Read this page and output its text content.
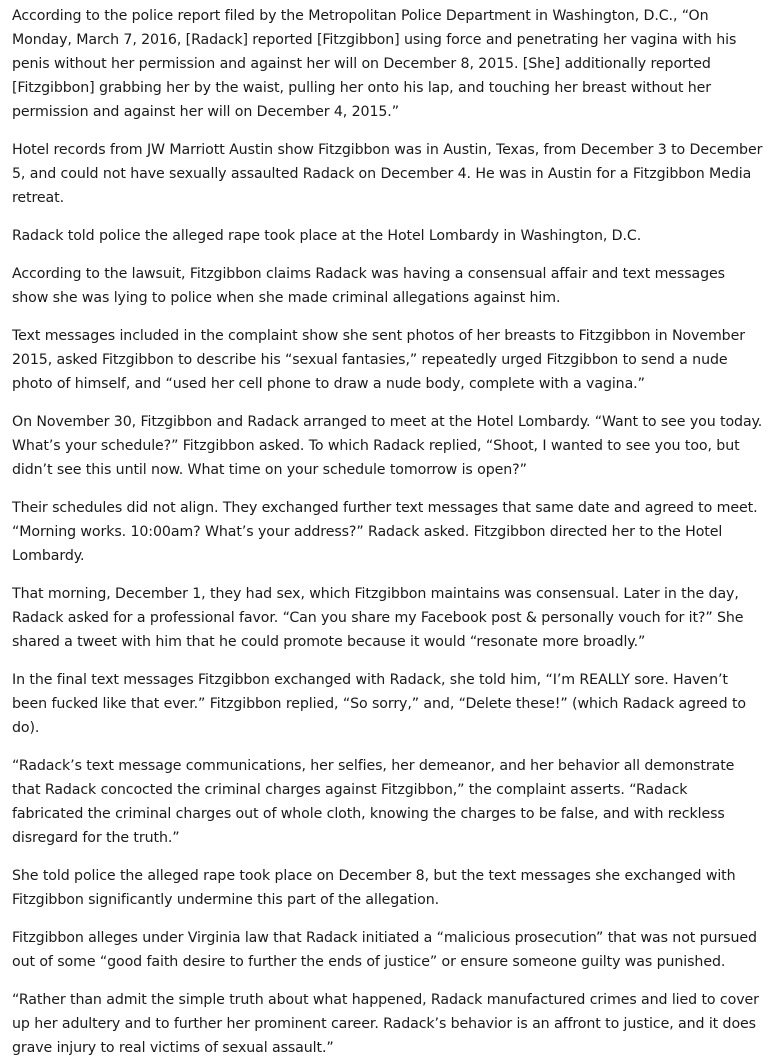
According to the police report filed by the Metropolitan Police Department in Washington, D.C., “On Monday, March 7, 2016, [Radack] reported [Fitzgibbon] using force and penetrating her vagina with his penis without her permission and against her will on December 8, 2015. [She] additionally reported [Fitzgibbon] grabbing her by the waist, pulling her onto his lap, and touching her breast without her permission and against her will on December 4, 2015.”

Hotel records from JW Marriott Austin show Fitzgibbon was in Austin, Texas, from December 3 to December 5, and could not have sexually assaulted Radack on December 4. He was in Austin for a Fitzgibbon Media retreat.

Radack told police the alleged rape took place at the Hotel Lombardy in Washington, D.C.

According to the lawsuit, Fitzgibbon claims Radack was having a consensual affair and text messages show she was lying to police when she made criminal allegations against him.

Text messages included in the complaint show she sent photos of her breasts to Fitzgibbon in November 2015, asked Fitzgibbon to describe his “sexual fantasies,” repeatedly urged Fitzgibbon to send a nude photo of himself, and “used her cell phone to draw a nude body, complete with a vagina.”

On November 30, Fitzgibbon and Radack arranged to meet at the Hotel Lombardy. “Want to see you today. What’s your schedule?” Fitzgibbon asked. To which Radack replied, “Shoot, I wanted to see you too, but didn’t see this until now. What time on your schedule tomorrow is open?”

Their schedules did not align. They exchanged further text messages that same date and agreed to meet. “Morning works. 10:00am? What’s your address?” Radack asked. Fitzgibbon directed her to the Hotel Lombardy.

That morning, December 1, they had sex, which Fitzgibbon maintains was consensual. Later in the day, Radack asked for a professional favor. “Can you share my Facebook post & personally vouch for it?” She shared a tweet with him that he could promote because it would “resonate more broadly.”

In the final text messages Fitzgibbon exchanged with Radack, she told him, “I’m REALLY sore. Haven’t been fucked like that ever.” Fitzgibbon replied, “So sorry,” and, “Delete these!” (which Radack agreed to do).

“Radack’s text message communications, her selfies, her demeanor, and her behavior all demonstrate that Radack concocted the criminal charges against Fitzgibbon,” the complaint asserts. “Radack fabricated the criminal charges out of whole cloth, knowing the charges to be false, and with reckless disregard for the truth.”

She told police the alleged rape took place on December 8, but the text messages she exchanged with Fitzgibbon significantly undermine this part of the allegation.

Fitzgibbon alleges under Virginia law that Radack initiated a “malicious prosecution” that was not pursued out of some “good faith desire to further the ends of justice” or ensure someone guilty was punished.

“Rather than admit the simple truth about what happened, Radack manufactured crimes and lied to cover up her adultery and to further her prominent career. Radack’s behavior is an affront to justice, and it does grave injury to real victims of sexual assault.”
